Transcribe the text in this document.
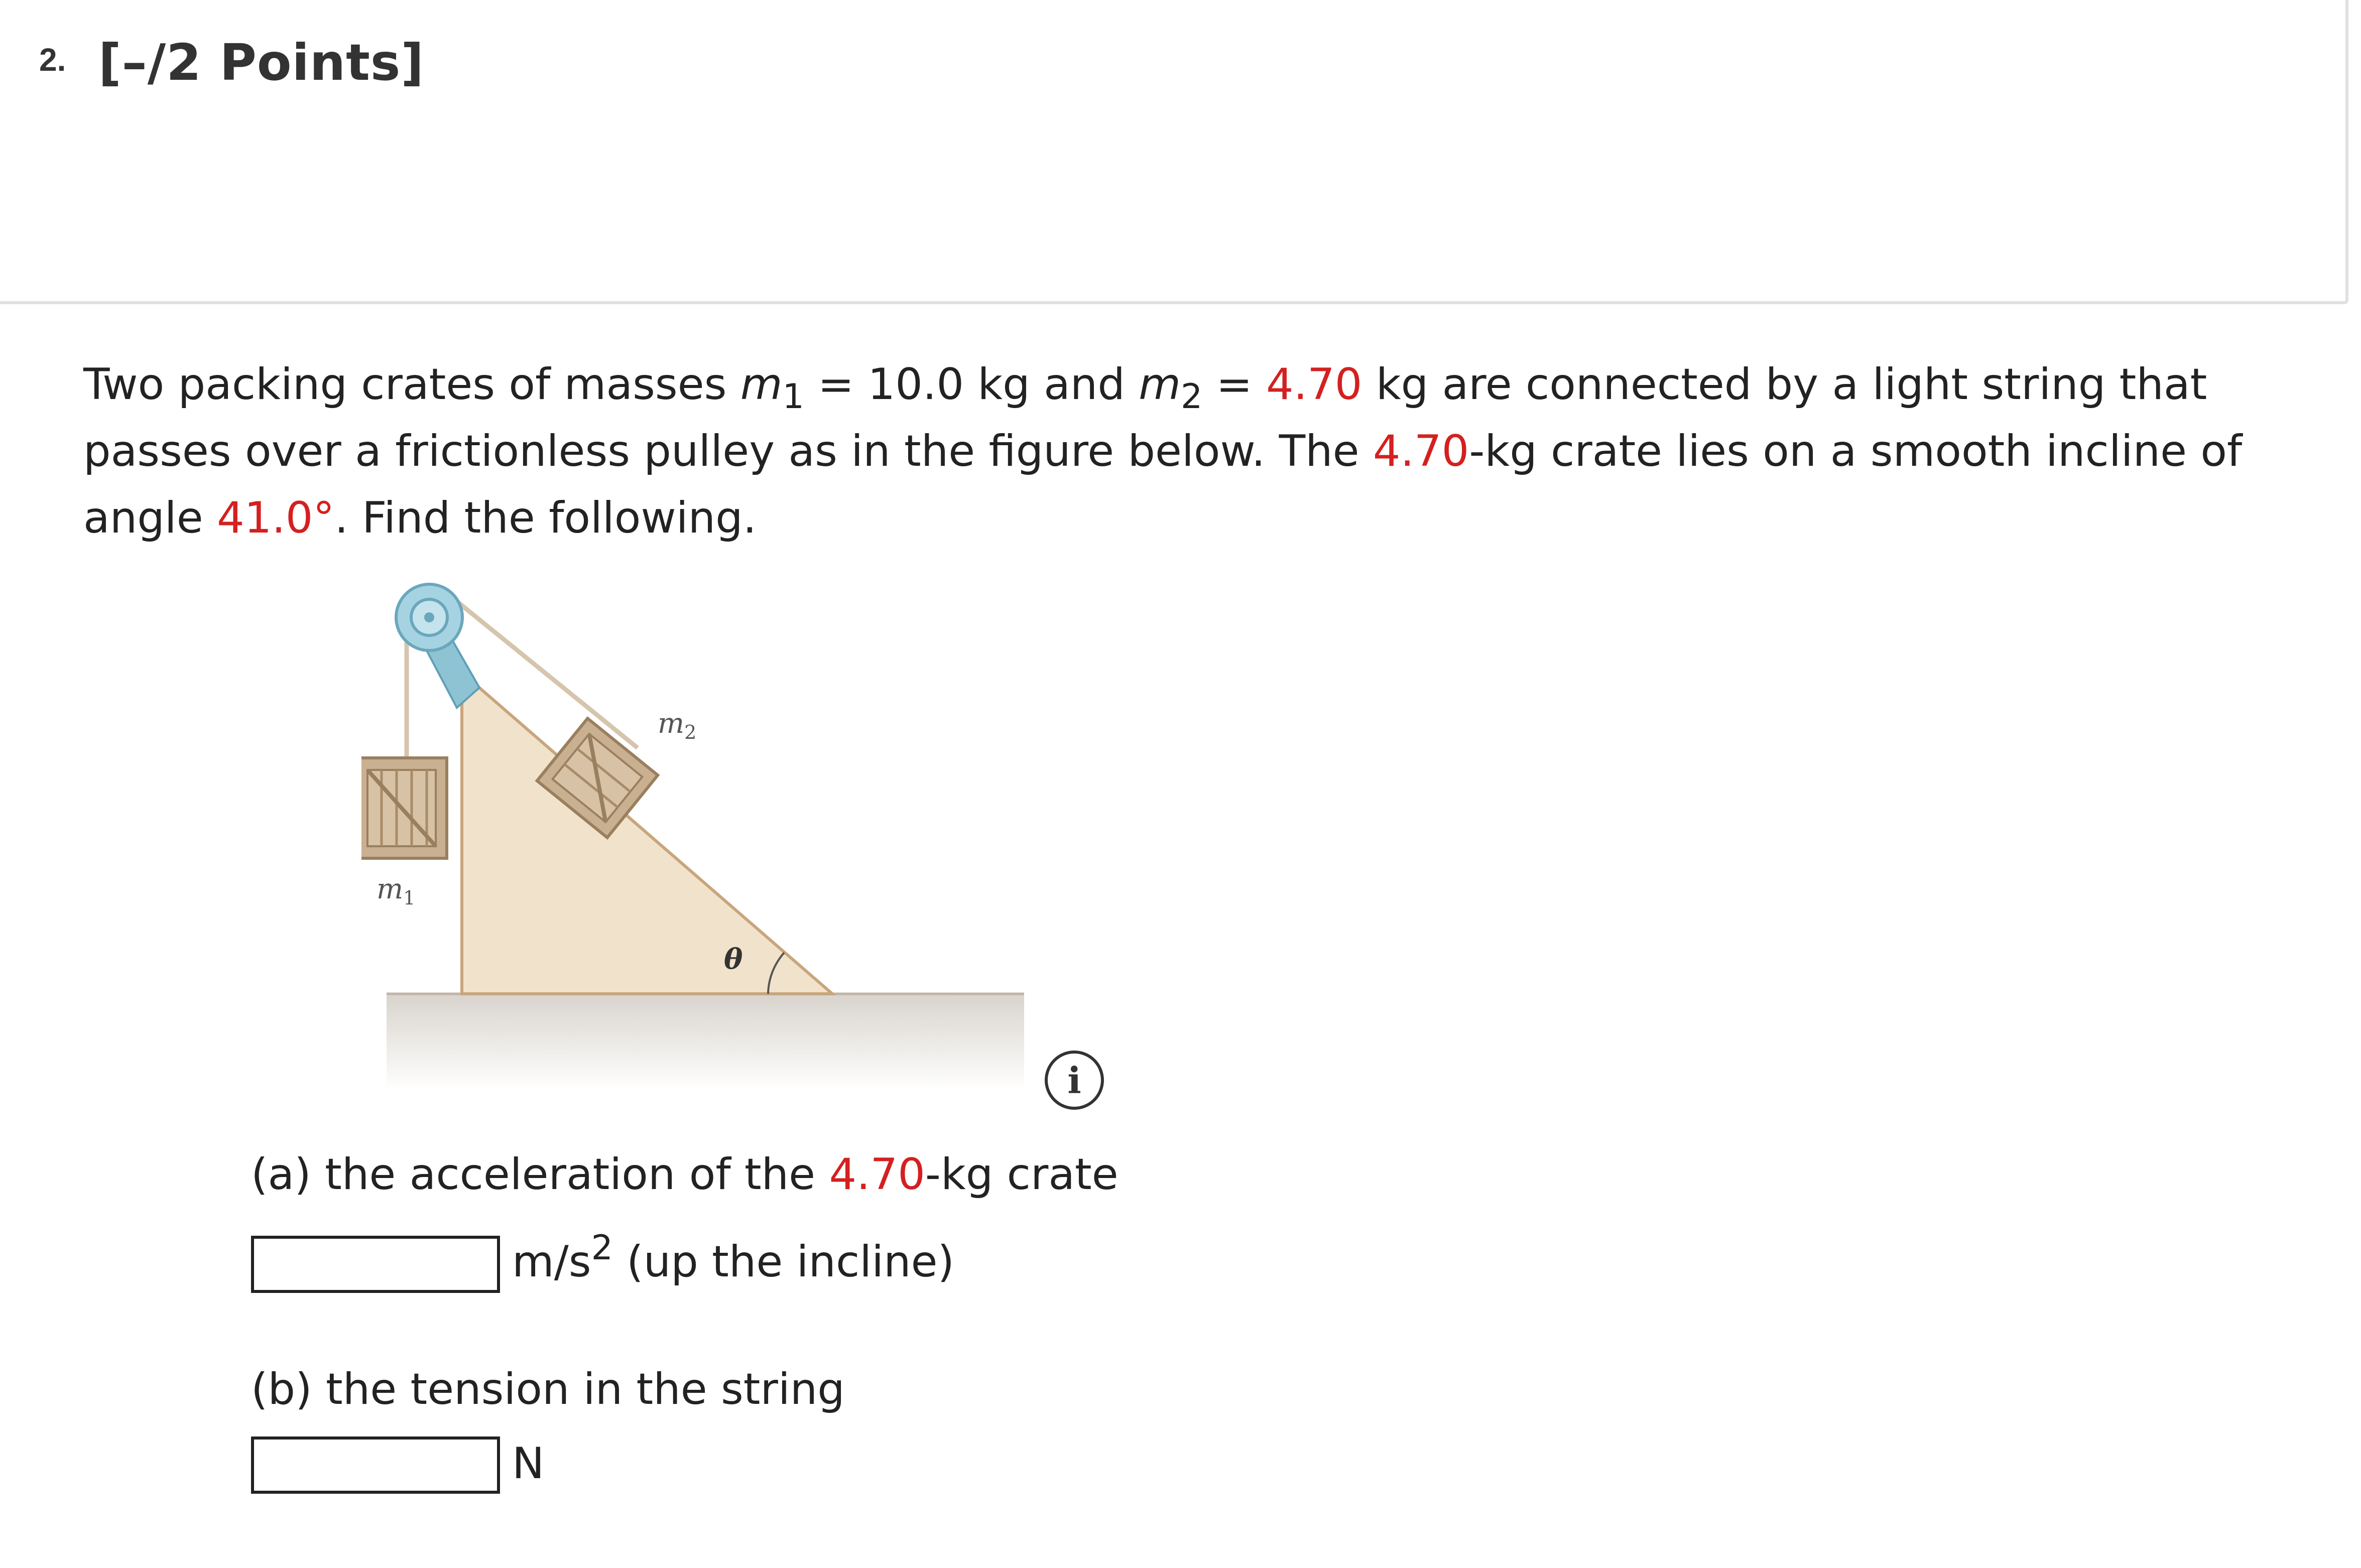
2. [–/2 Points]
Two packing crates of masses $m_1 = 10.0$ kg and $m_2 = 4.70$ kg are connected by a light string that passes over a frictionless pulley as in the figure below. The 4.70-kg crate lies on a smooth incline of angle 41.0°. Find the following.
$m_1$
$m_2$
θ
i
(a) the acceleration of the 4.70-kg crate
$m/s^2$ (up the incline)
(b) the tension in the string
N
